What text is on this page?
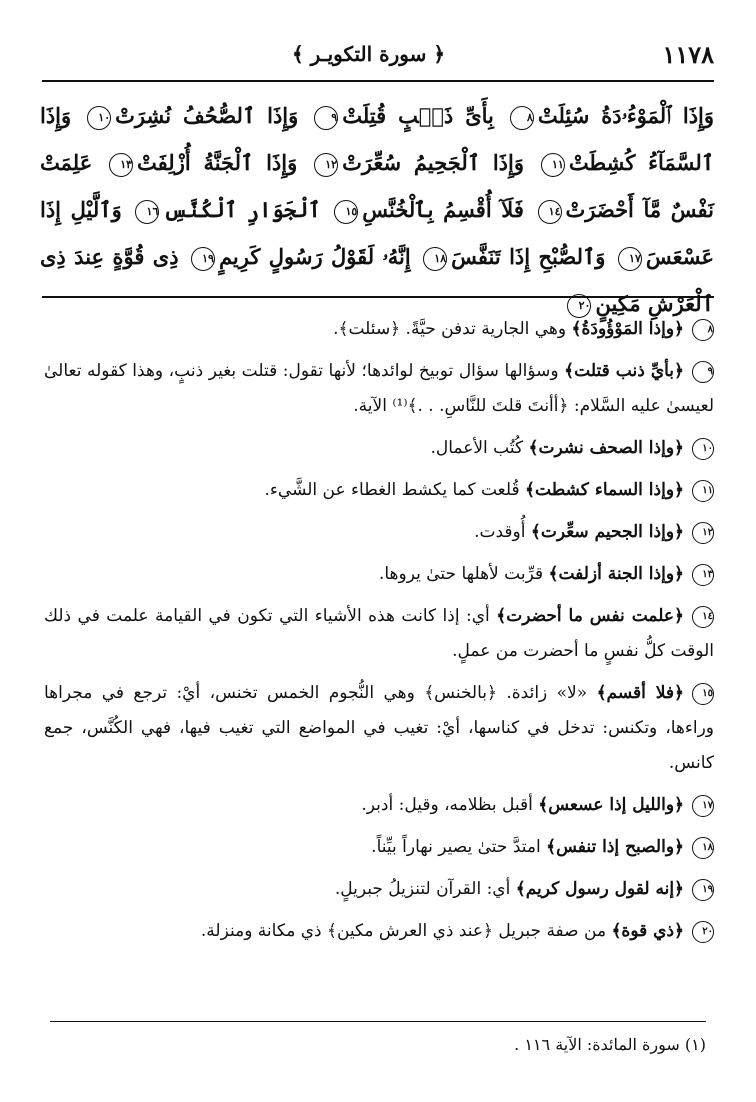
١١٧٨
﴿ سورة التكويـر ﴾
وَإِذَا ٱلْمَوْءُۥدَةُ سُئِلَتْ٨ بِأَىِّ ذَنۢبٍ قُتِلَتْ٩ وَإِذَا ٱلصُّحُفُ نُشِرَتْ١٠ وَإِذَا ٱلسَّمَآءُ كُشِطَتْ١١ وَإِذَا ٱلْجَحِيمُ سُعِّرَتْ١٢ وَإِذَا ٱلْجَنَّةُ أُزْلِفَتْ١٣ عَلِمَتْ نَفْسٌ مَّآ أَحْضَرَتْ١٤ فَلَآ أُقْسِمُ بِٱلْخُنَّسِ١٥ ٱلْجَوَارِ ٱلْكُنَّسِ١٦ وَٱلَّيْلِ إِذَا عَسْعَسَ١٧ وَٱلصُّبْحِ إِذَا تَنَفَّسَ١٨ إِنَّهُۥ لَقَوْلُ رَسُولٍ كَرِيمٍ١٩ ذِى قُوَّةٍ عِندَ ذِى ٱلْعَرْشِ مَكِينٍ٢٠
٨﴿وإذا المَوْؤُودَةُ﴾ وهي الجارية تدفن حيَّةً. ﴿سئلت﴾.
٩﴿بأيِّ ذنب قتلت﴾ وسؤالها سؤال توبيخ لوائدها؛ لأنها تقول: قتلت بغير ذنبٍ، وهذا كقوله تعالىٰ لعيسىٰ عليه السَّلام: ﴿أأنتَ قلتَ للنَّاسِ. . .﴾⁽¹⁾ الآية.
١٠﴿وإذا الصحف نشرت﴾ كُتُب الأعمال.
١١﴿وإذا السماء كشطت﴾ قُلعت كما يكشط الغطاء عن الشَّيء.
١٢﴿وإذا الجحيم سعِّرت﴾ أُوقدت.
١٣﴿وإذا الجنة أزلفت﴾ قرِّبت لأهلها حتىٰ يروها.
١٤﴿علمت نفس ما أحضرت﴾ أي: إذا كانت هذه الأشياء التي تكون في القيامة علمت في ذلك الوقت كلُّ نفسٍ ما أحضرت من عملٍ.
١٥﴿فلا أقسم﴾ «لا» زائدة. ﴿بالخنس﴾ وهي النُّجوم الخمس تخنس، أيْ: ترجع في مجراها وراءها، وتكنس: تدخل في كناسها، أيْ: تغيب في المواضع التي تغيب فيها، فهي الكُنَّس، جمع كانس.
١٧﴿والليل إذا عسعس﴾ أقبل بظلامه، وقيل: أدبر.
١٨﴿والصبح إذا تنفس﴾ امتدَّ حتىٰ يصير نهاراً بيِّناً.
١٩﴿إنه لقول رسول كريم﴾ أي: القرآن لتنزيلُ جبريلٍ.
٢٠﴿ذي قوة﴾ من صفة جبريل ﴿عند ذي العرش مكين﴾ ذي مكانة ومنزلة.
(١) سورة المائدة: الآية ١١٦ .
